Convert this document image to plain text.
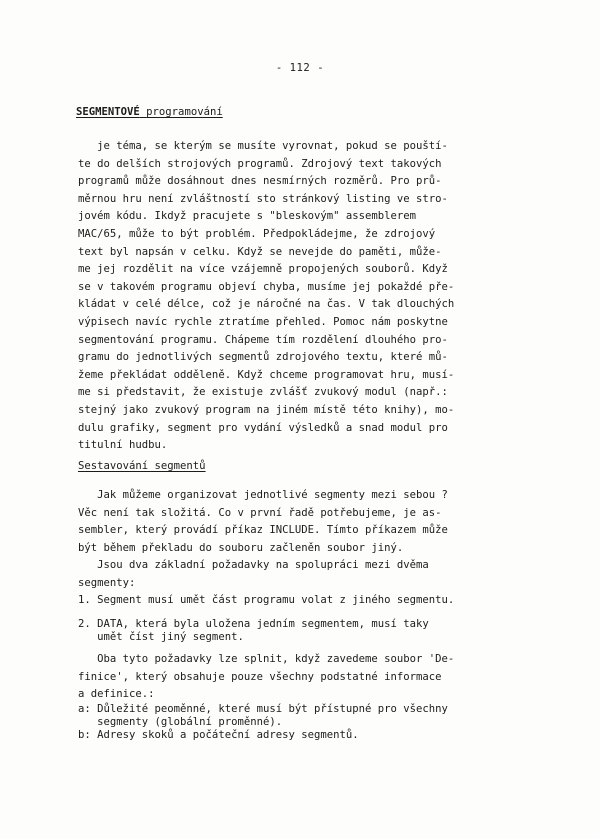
- 112 -
SEGMENTOVÉ programování

je téma, se kterým se musíte vyrovnat, pokud se pouští-
te do delších strojových programů. Zdrojový text takových
programů může dosáhnout dnes nesmírných rozměrů. Pro prů-
měrnou hru není zvláštností sto stránkový listing ve stro-
jovém kódu. Ikdyž pracujete s "bleskovým" assemblerem
MAC/65, může to být problém. Předpokládejme, že zdrojový
text byl napsán v celku. Když se nevejde do paměti, může-
me jej rozdělit na více vzájemně propojených souborů. Když
se v takovém programu objeví chyba, musíme jej pokaždé pře-
kládat v celé délce, což je náročné na čas. V tak dlouchých
výpisech navíc rychle ztratíme přehled. Pomoc nám poskytne
segmentování programu. Chápeme tím rozdělení dlouhého pro-
gramu do jednotlivých segmentů zdrojového textu, které mů-
žeme překládat odděleně. Když chceme programovat hru, musí-
me si představit, že existuje zvlášť zvukový modul (např.:
stejný jako zvukový program na jiném místě této knihy), mo-
dulu grafiky, segment pro vydání výsledků a snad modul pro
titulní hudbu.

Sestavování segmentů

Jak můžeme organizovat jednotlivé segmenty mezi sebou ?
Věc není tak složitá. Co v první řadě potřebujeme, je as-
sembler, který provádí příkaz INCLUDE. Tímto příkazem může
být během překladu do souboru začleněn soubor jiný.
Jsou dva základní požadavky na spolupráci mezi dvěma
segmenty:

1. Segment musí umět část programu volat z jiného segmentu.

2. DATA, která byla uložena jedním segmentem, musí taky
umět číst jiný segment.

Oba tyto požadavky lze splnit, když zavedeme soubor 'De-
finice', který obsahuje pouze všechny podstatné informace
a definice.:

a: Důležité peoměnné, které musí být přístupné pro všechny
segmenty (globální proměnné).

b: Adresy skoků a počáteční adresy segmentů.
